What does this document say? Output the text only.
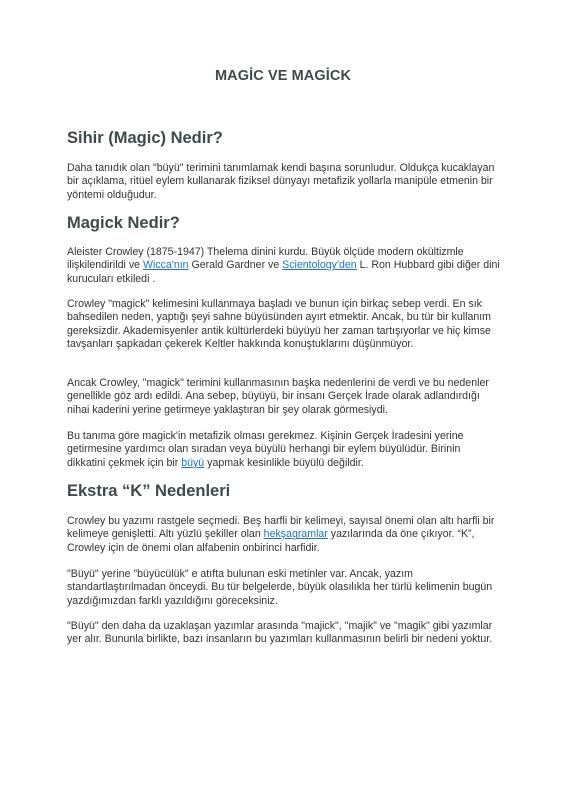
MAGİC VE MAGİCK
Sihir (Magic) Nedir?

Daha tanıdık olan "büyü" terimini tanımlamak kendi başına sorunludur. Oldukça kucaklayan bir açıklama, ritüel eylem kullanarak fiziksel dünyayı metafizik yollarla manipüle etmenin bir yöntemi olduğudur.

Magick Nedir?

Aleister Crowley (1875-1947) Thelema dinini kurdu. Büyük ölçüde modern okültizmle ilişkilendirildi ve Wicca'nın Gerald Gardner ve Scientology'den L. Ron Hubbard gibi diğer dini kurucuları etkiledi .

Crowley "magick" kelimesini kullanmaya başladı ve bunun için birkaç sebep verdi. En sık bahsedilen neden, yaptığı şeyi sahne büyüsünden ayırt etmektir. Ancak, bu tür bir kullanım gereksizdir. Akademisyenler antik kültürlerdeki büyüyü her zaman tartışıyorlar ve hiç kimse tavşanları şapkadan çekerek Keltler hakkında konuştuklarını düşünmüyor.

Ancak Crowley, "magick" terimini kullanmasının başka nedenlerini de verdi ve bu nedenler genellikle göz ardı edildi. Ana sebep, büyüyü, bir insanı Gerçek İrade olarak adlandırdığı nihai kaderini yerine getirmeye yaklaştıran bir şey olarak görmesiydi.

Bu tanıma göre magick'in metafizik olması gerekmez. Kişinin Gerçek İradesini yerine getirmesine yardımcı olan sıradan veya büyülü herhangi bir eylem büyülüdür. Birinin dikkatini çekmek için bir büyü yapmak kesinlikle büyülü değildir.

Ekstra “K” Nedenleri

Crowley bu yazımı rastgele seçmedi. Beş harfli bir kelimeyi, sayısal önemi olan altı harfli bir kelimeye genişletti. Altı yüzlü şekiller olan hekşagramlar yazılarında da öne çıkıyor. “K”, Crowley için de önemi olan alfabenin onbirinci harfidir.

"Büyü" yerine "büyücülük" e atıfta bulunan eski metinler var. Ancak, yazım standartlaştırılmadan önceydi. Bu tür belgelerde, büyük olasılıkla her türlü kelimenin bugün yazdığımızdan farklı yazıldığını göreceksiniz.

"Büyü" den daha da uzaklaşan yazımlar arasında "majick", "majik" ve "magik" gibi yazımlar yer alır. Bununla birlikte, bazı insanların bu yazımları kullanmasının belirli bir nedeni yoktur.
